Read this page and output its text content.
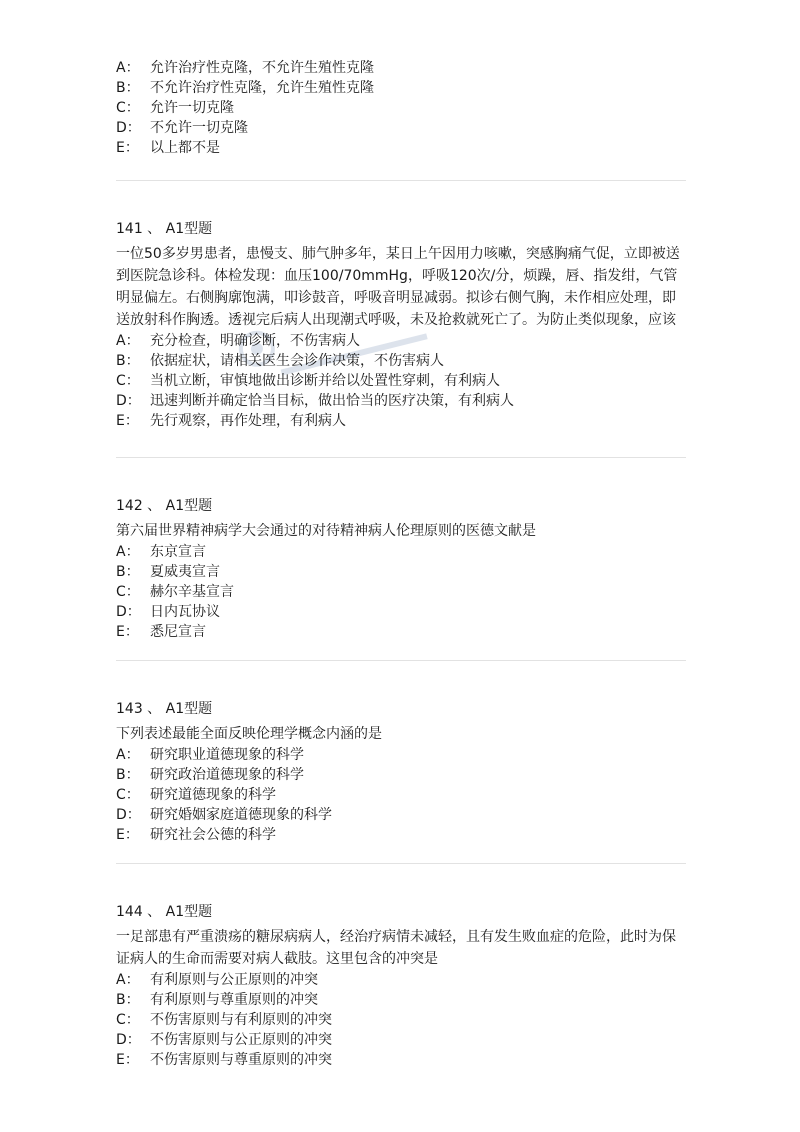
A： 允许治疗性克隆，不允许生殖性克隆
B： 不允许治疗性克隆，允许生殖性克隆
C： 允许一切克隆
D： 不允许一切克隆
E： 以上都不是
141 、 A1型题

一位50多岁男患者，患慢支、肺气肿多年，某日上午因用力咳嗽，突感胸痛气促，立即被送到医院急诊科。体检发现：血压100/70mmHg，呼吸120次/分，烦躁，唇、指发绀，气管明显偏左。右侧胸廓饱满，叩诊鼓音，呼吸音明显减弱。拟诊右侧气胸，未作相应处理，即送放射科作胸透。透视完后病人出现潮式呼吸，未及抢救就死亡了。为防止类似现象，应该

A： 充分检查，明确诊断，不伤害病人
B： 依据症状，请相关医生会诊作决策，不伤害病人
C： 当机立断，审慎地做出诊断并给以处置性穿刺，有利病人
D： 迅速判断并确定恰当目标，做出恰当的医疗决策，有利病人
E： 先行观察，再作处理，有利病人
142 、 A1型题

第六届世界精神病学大会通过的对待精神病人伦理原则的医德文献是

A： 东京宣言
B： 夏威夷宣言
C： 赫尔辛基宣言
D： 日内瓦协议
E： 悉尼宣言
143 、 A1型题

下列表述最能全面反映伦理学概念内涵的是

A： 研究职业道德现象的科学
B： 研究政治道德现象的科学
C： 研究道德现象的科学
D： 研究婚姻家庭道德现象的科学
E： 研究社会公德的科学
144 、 A1型题

一足部患有严重溃疡的糖尿病病人，经治疗病情未减轻，且有发生败血症的危险，此时为保证病人的生命而需要对病人截肢。这里包含的冲突是

A： 有利原则与公正原则的冲突
B： 有利原则与尊重原则的冲突
C： 不伤害原则与有利原则的冲突
D： 不伤害原则与公正原则的冲突
E： 不伤害原则与尊重原则的冲突
